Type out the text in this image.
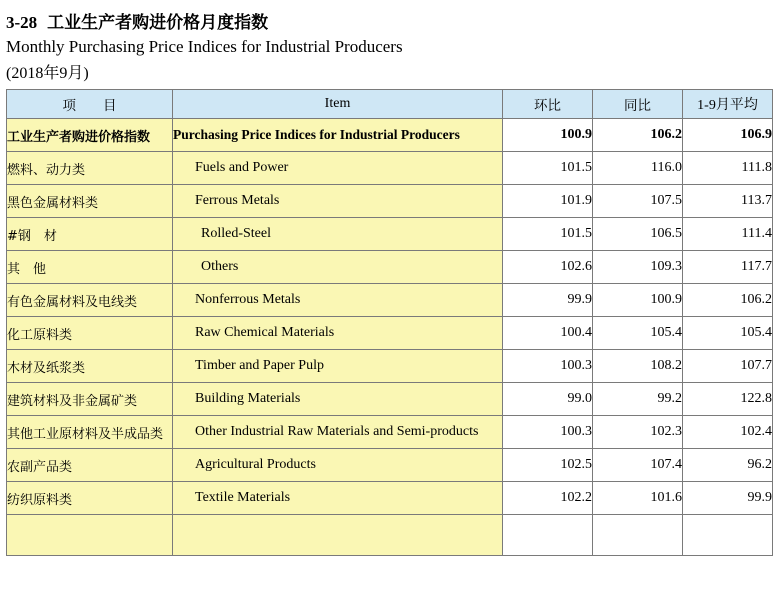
3-28 工业生产者购进价格月度指数
Monthly Purchasing Price Indices for Industrial Producers
(2018年9月)
项　　目	Item	环比	同比	1-9月平均
工业生产者购进价格指数	Purchasing Price Indices for Industrial Producers	100.9	106.2	106.9
燃料、动力类	Fuels and Power	101.5	116.0	111.8
黑色金属材料类	Ferrous Metals	101.9	107.5	113.7
#钢　材	Rolled-Steel	101.5	106.5	111.4
其　他	Others	102.6	109.3	117.7
有色金属材料及电线类	Nonferrous Metals	99.9	100.9	106.2
化工原料类	Raw Chemical Materials	100.4	105.4	105.4
木材及纸浆类	Timber and Paper Pulp	100.3	108.2	107.7
建筑材料及非金属矿类	Building Materials	99.0	99.2	122.8
其他工业原材料及半成品类	Other Industrial Raw Materials and Semi-products	100.3	102.3	102.4
农副产品类	Agricultural Products	102.5	107.4	96.2
纺织原料类	Textile Materials	102.2	101.6	99.9
